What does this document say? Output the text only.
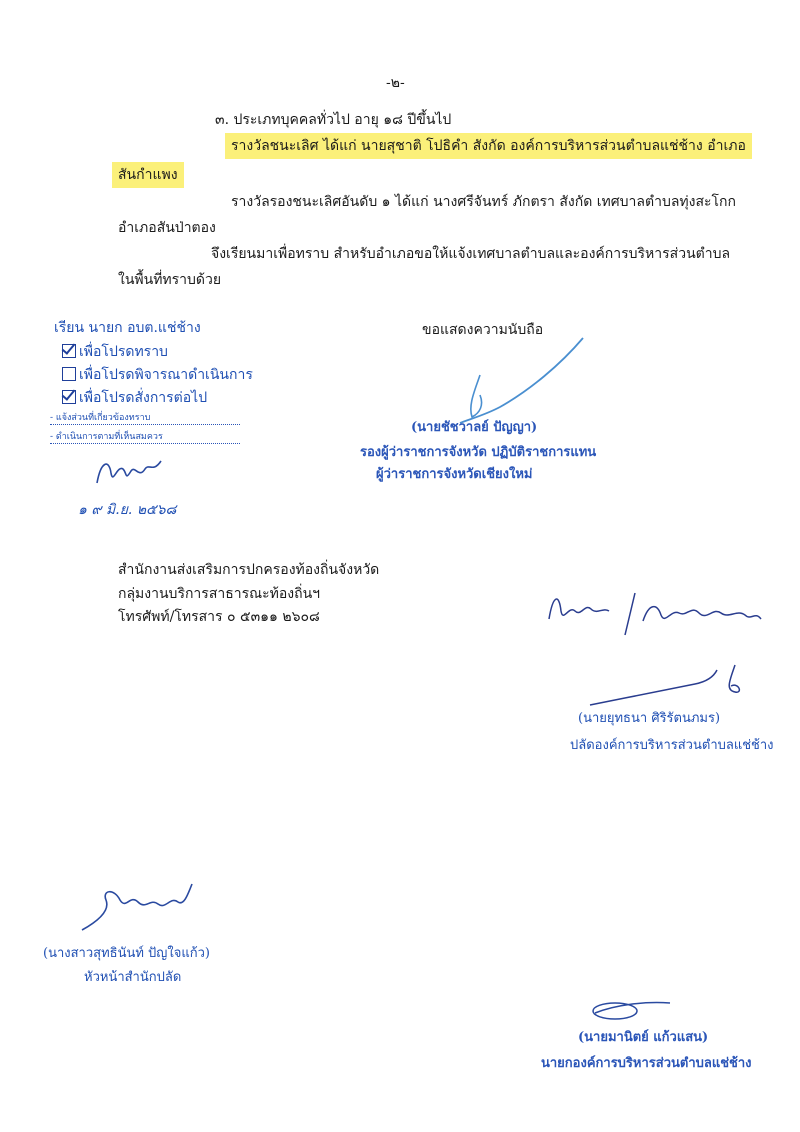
-๒-
๓. ประเภทบุคคลทั่วไป อายุ ๑๘ ปีขึ้นไป
รางวัลชนะเลิศ ได้แก่ นายสุชาติ โปธิคำ สังกัด องค์การบริหารส่วนตำบลแช่ช้าง อำเภอ
สันกำแพง
รางวัลรองชนะเลิศอันดับ ๑ ได้แก่ นางศรีจันทร์ ภักตรา สังกัด เทศบาลตำบลทุ่งสะโกก
อำเภอสันป่าตอง
จึงเรียนมาเพื่อทราบ สำหรับอำเภอขอให้แจ้งเทศบาลตำบลและองค์การบริหารส่วนตำบล
ในพื้นที่ทราบด้วย
เรียน นายก อบต.แช่ช้าง
เพื่อโปรดทราบ
เพื่อโปรดพิจารณาดำเนินการ
เพื่อโปรดสั่งการต่อไป
- แจ้งส่วนที่เกี่ยวข้องทราบ
- ดำเนินการตามที่เห็นสมควร
๑ ๙ มิ.ย. ๒๕๖๘
ขอแสดงความนับถือ
(นายชัชวาลย์ ปัญญา)
รองผู้ว่าราชการจังหวัด ปฏิบัติราชการแทน
ผู้ว่าราชการจังหวัดเชียงใหม่
สำนักงานส่งเสริมการปกครองท้องถิ่นจังหวัด
กลุ่มงานบริการสาธารณะท้องถิ่นฯ
โทรศัพท์/โทรสาร ๐ ๕๓๑๑ ๒๖๐๘
(นายยุทธนา ศิริรัตนภมร)
ปลัดองค์การบริหารส่วนตำบลแช่ช้าง
(นางสาวสุทธินันท์ ปัญใจแก้ว)
หัวหน้าสำนักปลัด
(นายมานิตย์ แก้วแสน)
นายกองค์การบริหารส่วนตำบลแช่ช้าง
